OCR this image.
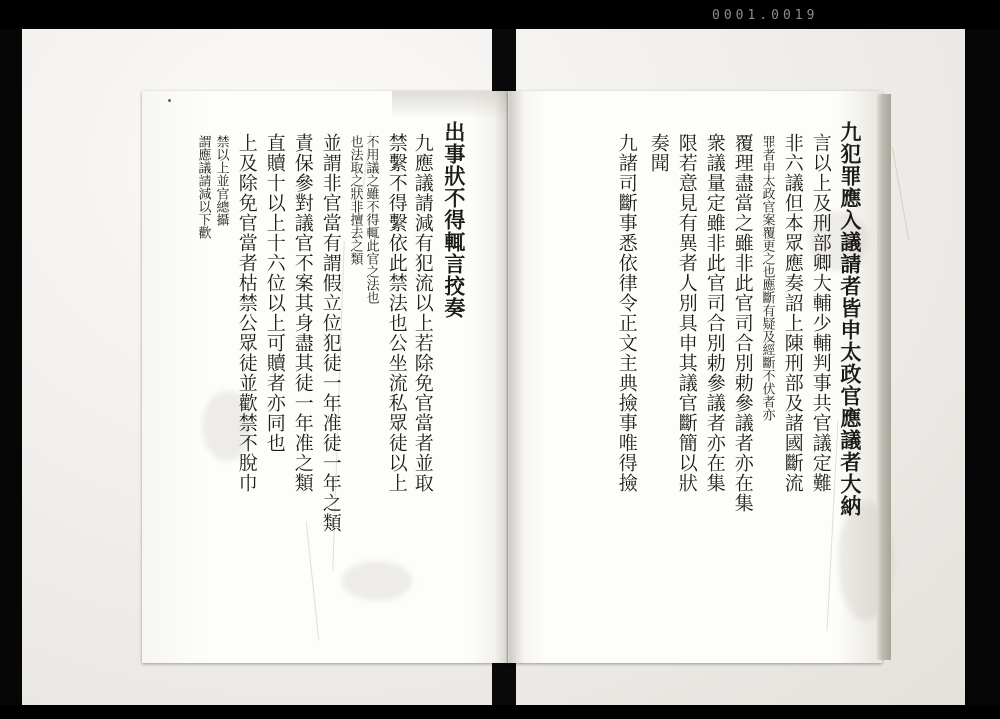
0001.0019
出事狀不得輒言挍奏
九應議請減有犯流以上若除免官當者並取
禁繫不得繫依此禁法也公坐流私眾徒以上
不用議之雖不得輒此官之法也
也法取之狀非擅去之類
並謂非官當有謂假立位犯徒一年准徒一年之類
責保參對議官不案其身盡其徒一年准之類
直贖十以上十六位以上可贖者亦同也
上及除免官當者枯禁公眾徒並歡禁不脫巾
禁以上並官總攝
謂應議請減以下歡	九犯罪應入議請者皆申太政官應議者大納
言以上及刑部卿大輔少輔判事共官議定難
非六議但本眾應奏詔上陳刑部及諸國斷流
罪者申太政官案覆更之也應斷有疑及經斷不伏者亦
覆理盡當之雖非此官司合別勅參議者亦在集
衆議量定雖非此官司合別勅參議者亦在集
限若意見有異者人別具申其議官斷簡以狀
奏聞
九諸司斷事悉依律令正文主典撿事唯得撿
